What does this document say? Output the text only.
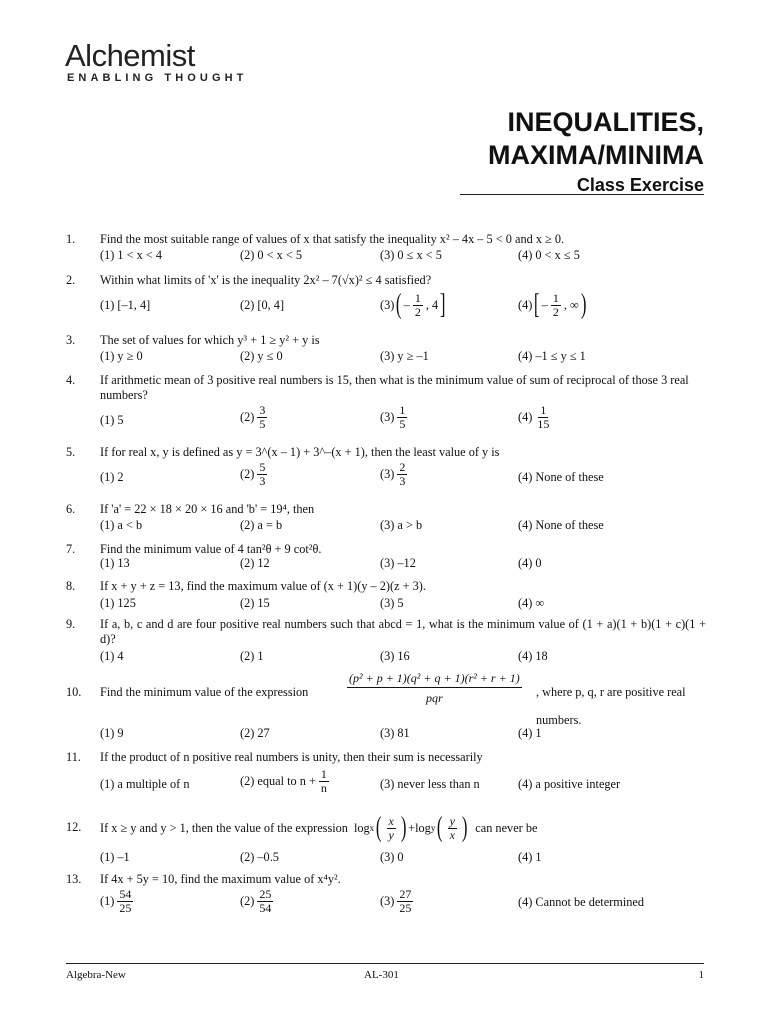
Alchemist
ENABLING THOUGHT
INEQUALITIES,
MAXIMA/MINIMA
Class Exercise
1. Find the most suitable range of values of x that satisfy the inequality x² – 4x – 5 < 0 and x ≥ 0.
(1) 1 < x < 4	(2) 0 < x < 5	(3) 0 ≤ x < 5	(4) 0 < x ≤ 5
2. Within what limits of 'x' is the inequality 2x² – 7(√x)² ≤ 4 satisfied?
(1) [–1, 4]	(2) [0, 4]	(3) ( – $\frac{1}{2}$ , 4 ]	(4) [ – $\frac{1}{2}$ , ∞ )
3. The set of values for which y³ + 1 ≥ y² + y is
(1) y ≥ 0	(2) y ≤ 0	(3) y ≥ –1	(4) –1 ≤ y ≤ 1
4. If arithmetic mean of 3 positive real numbers is 15, then what is the minimum value of sum of reciprocal of those 3 real numbers?
(1) 5	$(2) \frac{3}{5}$	$(3) \frac{1}{5}$	$(4) \frac{1}{15}$
5. If for real x, y is defined as y = 3^(x – 1) + 3^–(x + 1), then the least value of y is
(1) 2	$(2) \frac{5}{3}$	$(3) \frac{2}{3}$	(4) None of these
6. If 'a' = 22 × 18 × 20 × 16 and 'b' = 19⁴, then
(1) a < b	(2) a = b	(3) a > b	(4) None of these
7. Find the minimum value of 4 tan²θ + 9 cot²θ.
(1) 13	(2) 12	(3) –12	(4) 0
8. If x + y + z = 13, find the maximum value of (x + 1)(y – 2)(z + 3).
(1) 125	(2) 15	(3) 5	(4) ∞
9. If a, b, c and d are four positive real numbers such that abcd = 1, what is the minimum value of (1 + a)(1 + b)(1 + c)(1 + d)?
(1) 4	(2) 1	(3) 16	(4) 18
10. Find the minimum value of the expression
(p² + p + 1)(q² + q + 1)(r² + r + 1)
pqr	, where p, q, r are positive real numbers.
(1) 9	(2) 27	(3) 81	(4) 1
11. If the product of n positive real numbers is unity, then their sum is necessarily
(1) a multiple of n	(2) equal to $n + \frac{1}{n}$	(3) never less than n	(4) a positive integer
12. If x ≥ y and y > 1, then the value of the expression log x ( $\frac{x}{y}$ ) + log y ( $\frac{y}{x}$ ) can never be
(1) –1	(2) –0.5	(3) 0	(4) 1
13. If 4x + 5y = 10, find the maximum value of x⁴y².
$(1) \frac{54}{25}$	$(2) \frac{25}{54}$	$(3) \frac{27}{25}$	(4) Cannot be determined
Algebra-New	AL-301	1
